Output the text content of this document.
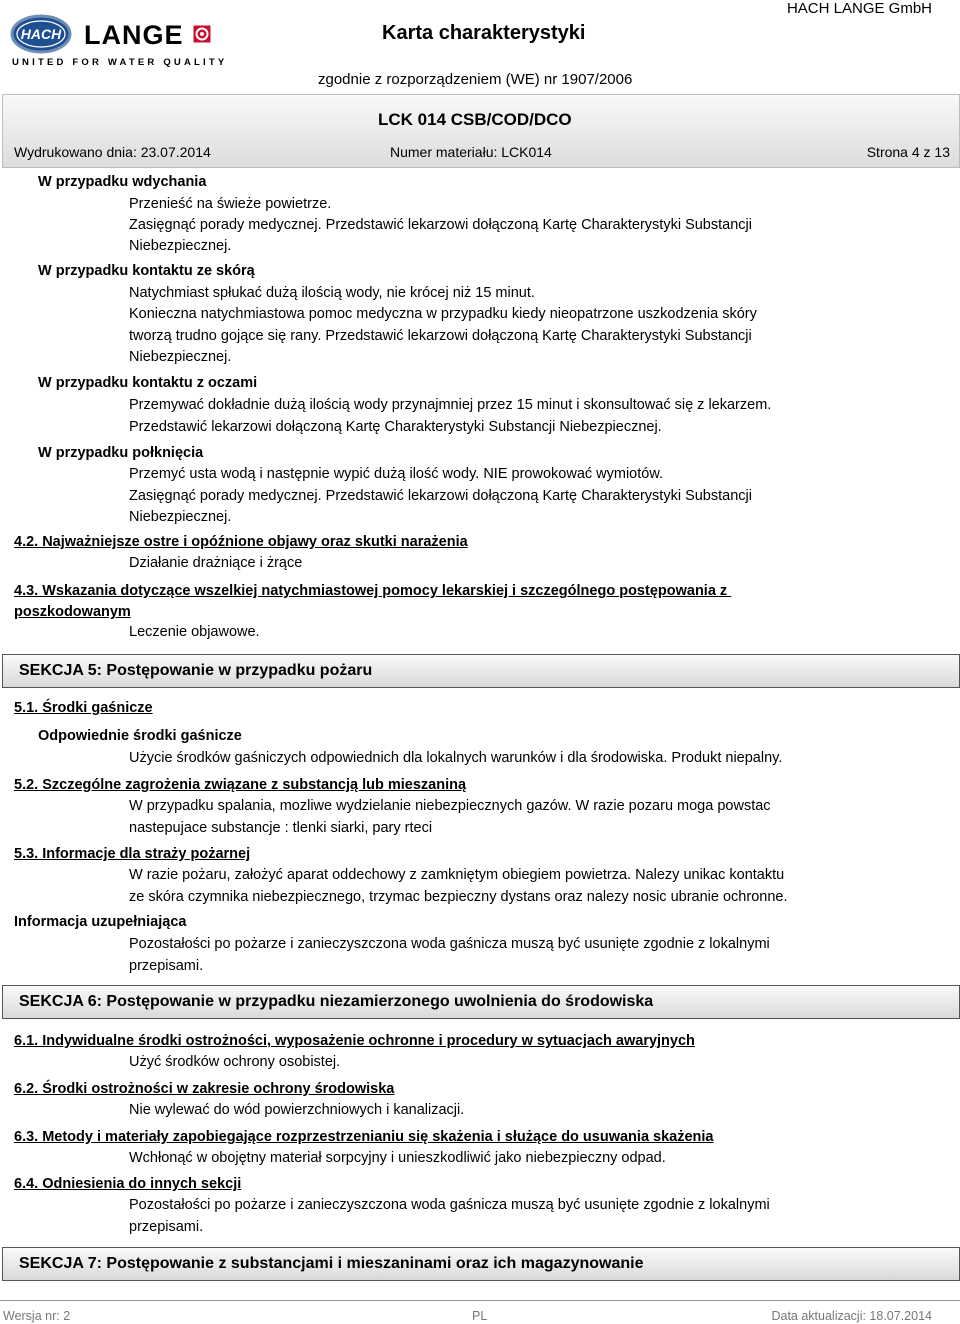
HACH LANGE
UNITED FOR WATER QUALITY
Karta charakterystyki
HACH LANGE GmbH
zgodnie z rozporządzeniem (WE) nr 1907/2006
LCK 014 CSB/COD/DCO
Wydrukowano dnia: 23.07.2014	Numer materiału: LCK014	Strona 4 z 13
W przypadku wdychania
Przenieść na świeże powietrze.
Zasięgnąć porady medycznej. Przedstawić lekarzowi dołączoną Kartę Charakterystyki Substancji
Niebezpiecznej.
W przypadku kontaktu ze skórą
Natychmiast spłukać dużą ilością wody, nie krócej niż 15 minut.
Konieczna natychmiastowa pomoc medyczna w przypadku kiedy nieopatrzone uszkodzenia skóry
tworzą trudno gojące się rany. Przedstawić lekarzowi dołączoną Kartę Charakterystyki Substancji
Niebezpiecznej.
W przypadku kontaktu z oczami
Przemywać dokładnie dużą ilością wody przynajmniej przez 15 minut i skonsultować się z lekarzem.
Przedstawić lekarzowi dołączoną Kartę Charakterystyki Substancji Niebezpiecznej.
W przypadku połknięcia
Przemyć usta wodą i następnie wypić dużą ilość wody. NIE prowokować wymiotów.
Zasięgnąć porady medycznej. Przedstawić lekarzowi dołączoną Kartę Charakterystyki Substancji
Niebezpiecznej.
4.2. Najważniejsze ostre i opóźnione objawy oraz skutki narażenia
Działanie drażniące i żrące
4.3. Wskazania dotyczące wszelkiej natychmiastowej pomocy lekarskiej i szczególnego postępowania z
poszkodowanym
Leczenie objawowe.
SEKCJA 5: Postępowanie w przypadku pożaru
5.1. Środki gaśnicze
Odpowiednie środki gaśnicze
Użycie środków gaśniczych odpowiednich dla lokalnych warunków i dla środowiska. Produkt niepalny.
5.2. Szczególne zagrożenia związane z substancją lub mieszaniną
W przypadku spalania, mozliwe wydzielanie niebezpiecznych gazów. W razie pozaru moga powstac
nastepujace substancje : tlenki siarki, pary rteci
5.3. Informacje dla straży pożarnej
W razie pożaru, założyć aparat oddechowy z zamkniętym obiegiem powietrza. Nalezy unikac kontaktu
ze skóra czymnika niebezpiecznego, trzymac bezpieczny dystans oraz nalezy nosic ubranie ochronne.
Informacja uzupełniająca
Pozostałości po pożarze i zanieczyszczona woda gaśnicza muszą być usunięte zgodnie z lokalnymi
przepisami.
SEKCJA 6: Postępowanie w przypadku niezamierzonego uwolnienia do środowiska
6.1. Indywidualne środki ostrożności, wyposażenie ochronne i procedury w sytuacjach awaryjnych
Użyć środków ochrony osobistej.
6.2. Środki ostrożności w zakresie ochrony środowiska
Nie wylewać do wód powierzchniowych i kanalizacji.
6.3. Metody i materiały zapobiegające rozprzestrzenianiu się skażenia i służące do usuwania skażenia
Wchłonąć w obojętny materiał sorpcyjny i unieszkodliwić jako niebezpieczny odpad.
6.4. Odniesienia do innych sekcji
Pozostałości po pożarze i zanieczyszczona woda gaśnicza muszą być usunięte zgodnie z lokalnymi
przepisami.
SEKCJA 7: Postępowanie z substancjami i mieszaninami oraz ich magazynowanie
Wersja nr: 2	PL	Data aktualizacji: 18.07.2014
